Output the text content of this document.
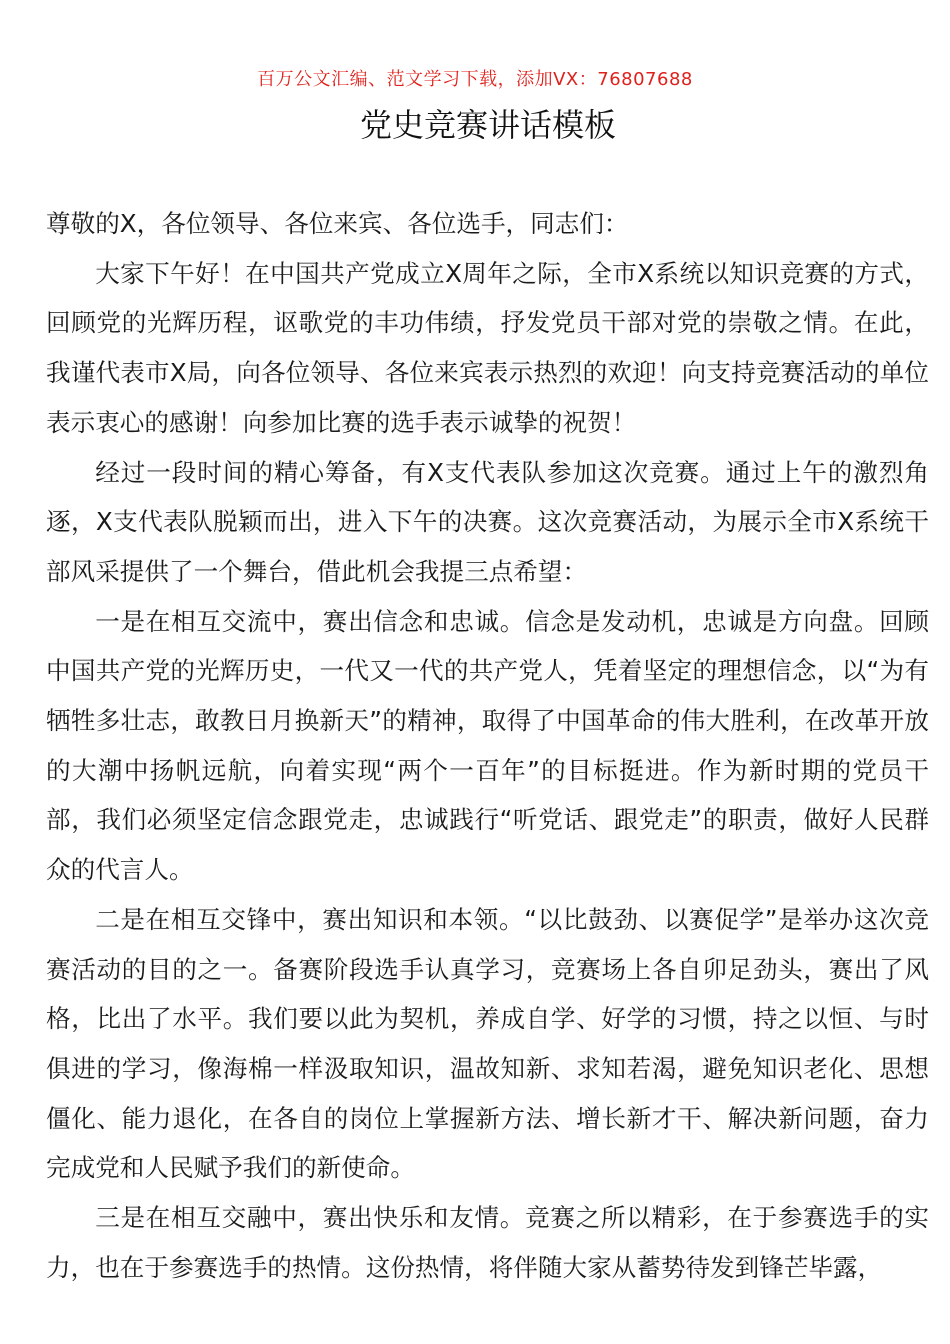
百万公文汇编、范文学习下载，添加VX：76807688
党史竞赛讲话模板

尊敬的X，各位领导、各位来宾、各位选手，同志们：

大家下午好！在中国共产党成立X周年之际，全市X系统以知识竞赛的方式，回顾党的光辉历程，讴歌党的丰功伟绩，抒发党员干部对党的崇敬之情。在此，我谨代表市X局，向各位领导、各位来宾表示热烈的欢迎！向支持竞赛活动的单位表示衷心的感谢！向参加比赛的选手表示诚挚的祝贺！

经过一段时间的精心筹备，有X支代表队参加这次竞赛。通过上午的激烈角逐，X支代表队脱颖而出，进入下午的决赛。这次竞赛活动，为展示全市X系统干部风采提供了一个舞台，借此机会我提三点希望：

一是在相互交流中，赛出信念和忠诚。信念是发动机，忠诚是方向盘。回顾中国共产党的光辉历史，一代又一代的共产党人，凭着坚定的理想信念，以“为有牺牲多壮志，敢教日月换新天”的精神，取得了中国革命的伟大胜利，在改革开放的大潮中扬帆远航，向着实现“两个一百年”的目标挺进。作为新时期的党员干部，我们必须坚定信念跟党走，忠诚践行“听党话、跟党走”的职责，做好人民群众的代言人。

二是在相互交锋中，赛出知识和本领。“以比鼓劲、以赛促学”是举办这次竞赛活动的目的之一。备赛阶段选手认真学习，竞赛场上各自卯足劲头，赛出了风格，比出了水平。我们要以此为契机，养成自学、好学的习惯，持之以恒、与时俱进的学习，像海棉一样汲取知识，温故知新、求知若渴，避免知识老化、思想僵化、能力退化，在各自的岗位上掌握新方法、增长新才干、解决新问题，奋力完成党和人民赋予我们的新使命。

三是在相互交融中，赛出快乐和友情。竞赛之所以精彩，在于参赛选手的实力，也在于参赛选手的热情。这份热情，将伴随大家从蓄势待发到锋芒毕露，
